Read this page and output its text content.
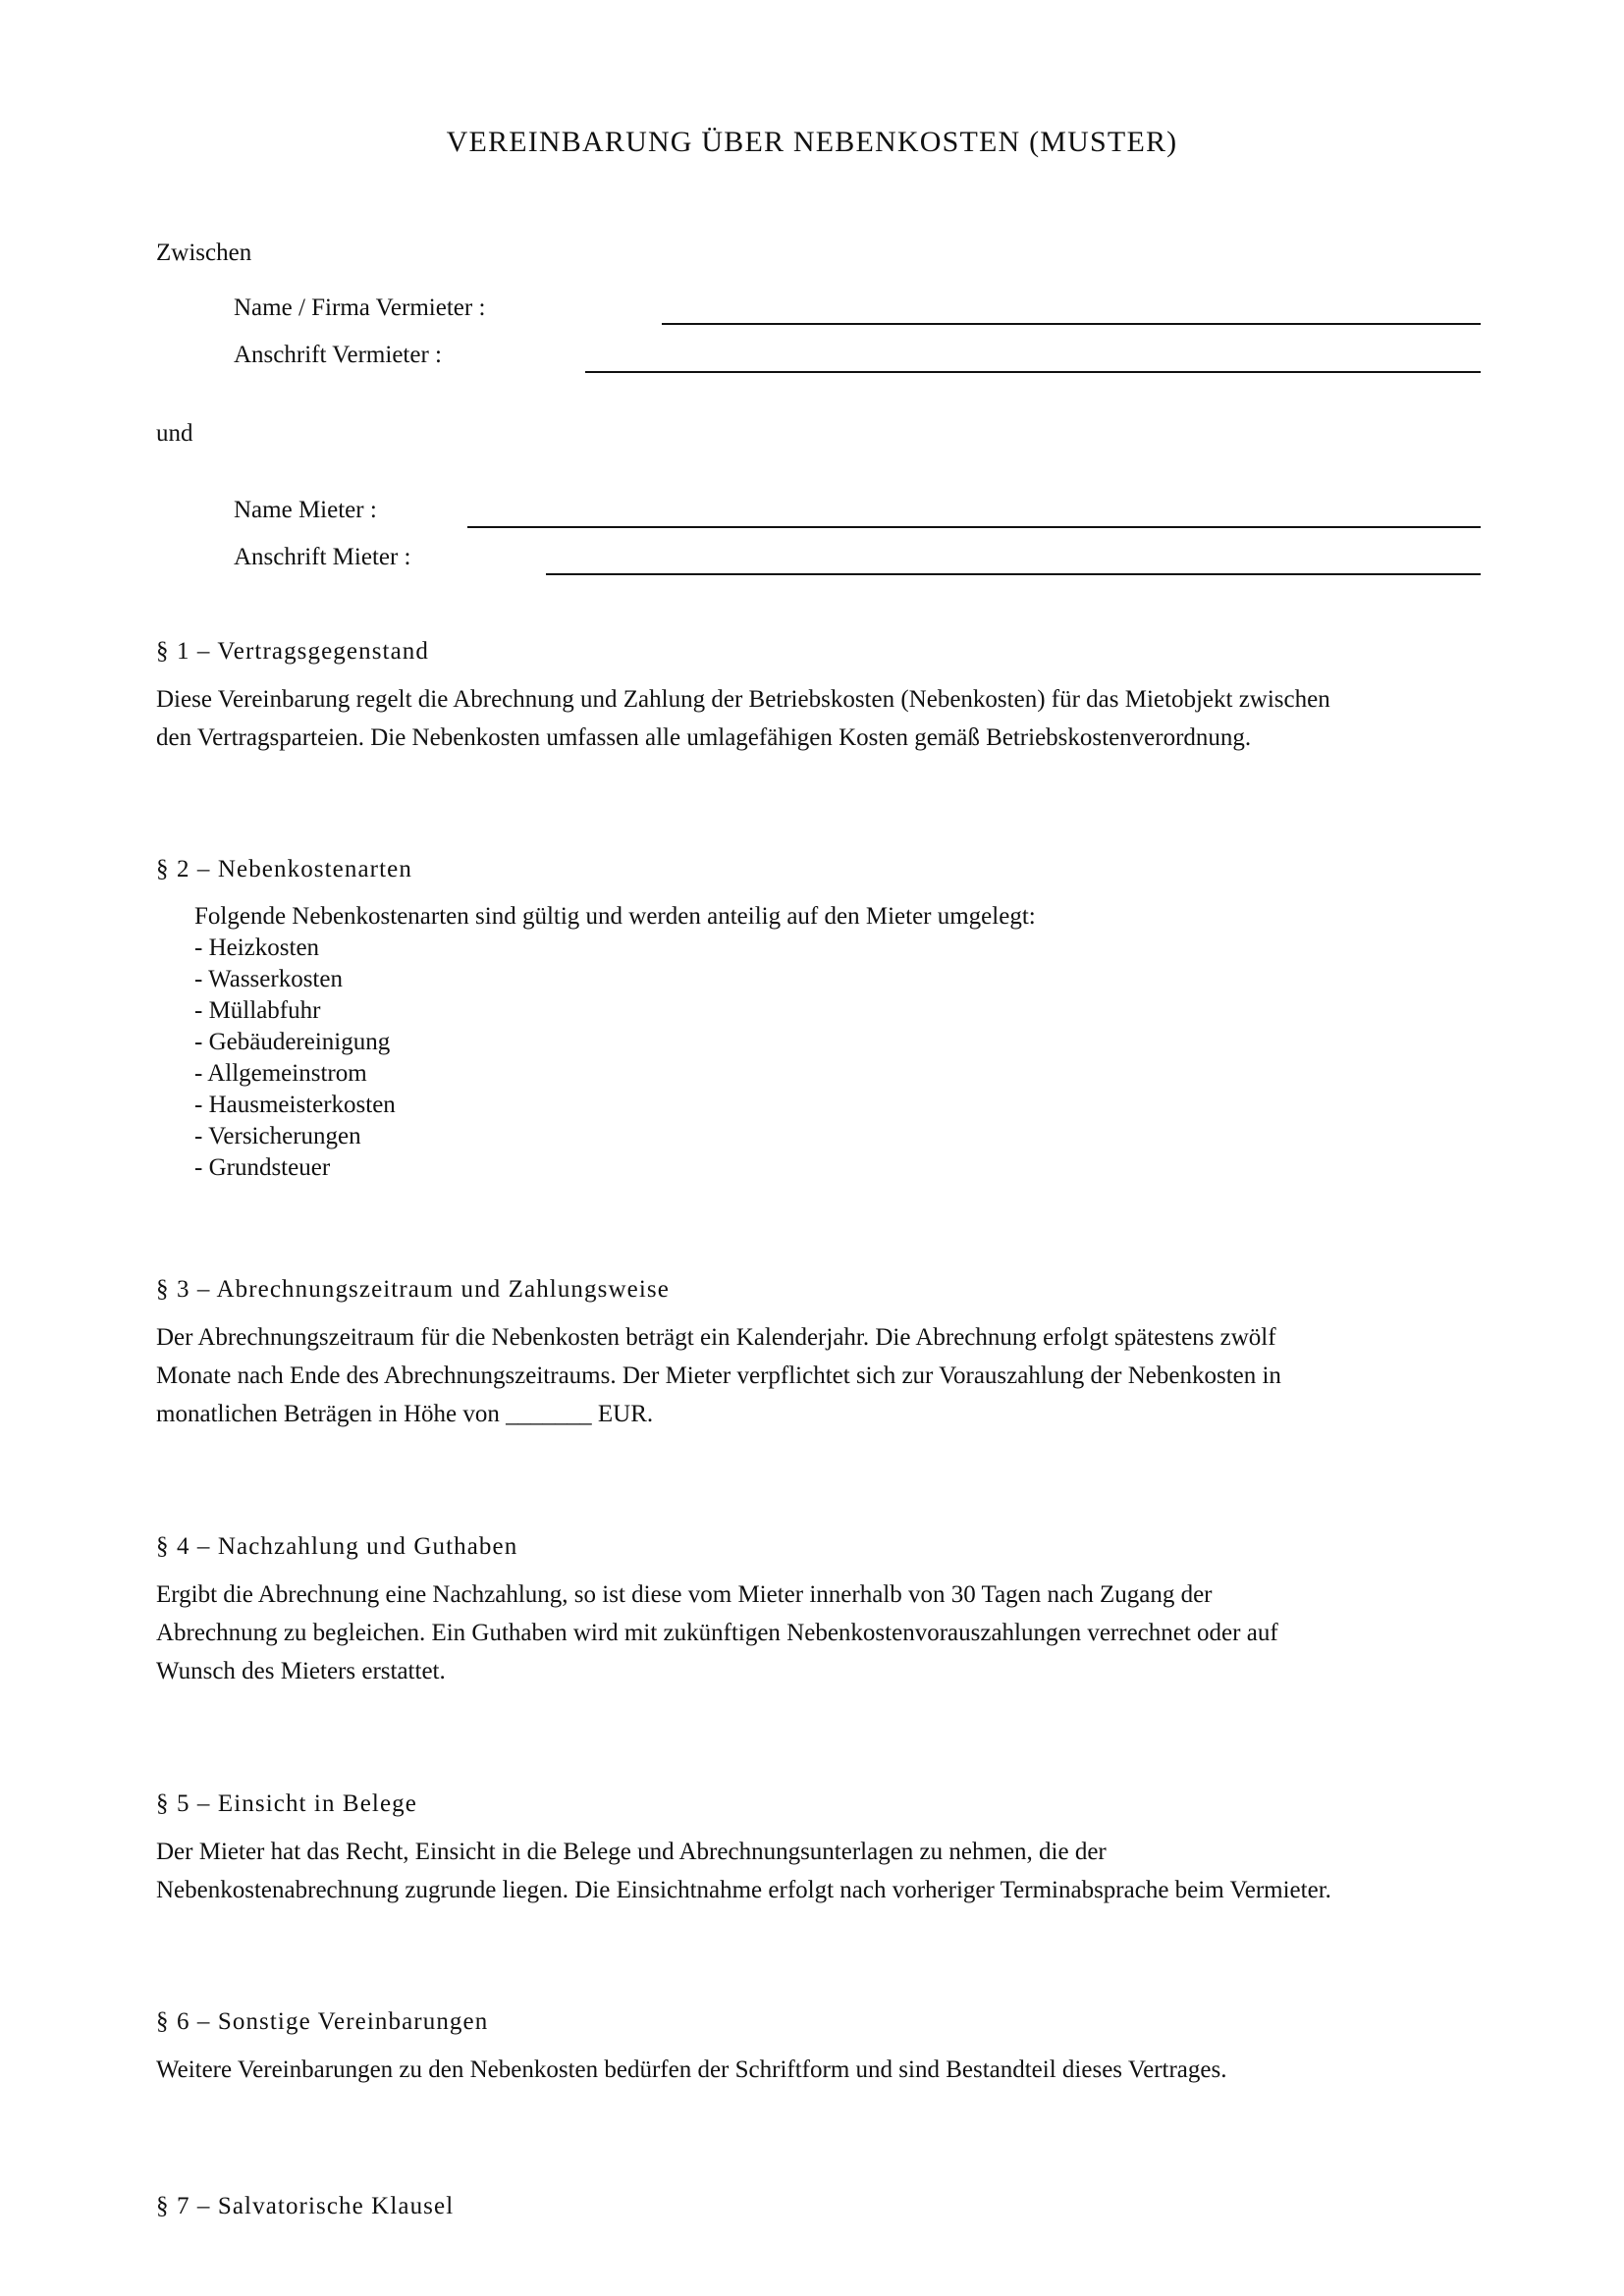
VEREINBARUNG ÜBER NEBENKOSTEN (MUSTER)
Zwischen
Name / Firma Vermieter :
Anschrift Vermieter :
und
Name Mieter :
Anschrift Mieter :
§ 1 – Vertragsgegenstand
Diese Vereinbarung regelt die Abrechnung und Zahlung der Betriebskosten (Nebenkosten) für das Mietobjekt zwischen
den Vertragsparteien. Die Nebenkosten umfassen alle umlagefähigen Kosten gemäß Betriebskostenverordnung.
§ 2 – Nebenkostenarten
Folgende Nebenkostenarten sind gültig und werden anteilig auf den Mieter umgelegt:
- Heizkosten
- Wasserkosten
- Müllabfuhr
- Gebäudereinigung
- Allgemeinstrom
- Hausmeisterkosten
- Versicherungen
- Grundsteuer
§ 3 – Abrechnungszeitraum und Zahlungsweise
Der Abrechnungszeitraum für die Nebenkosten beträgt ein Kalenderjahr. Die Abrechnung erfolgt spätestens zwölf
Monate nach Ende des Abrechnungszeitraums. Der Mieter verpflichtet sich zur Vorauszahlung der Nebenkosten in
monatlichen Beträgen in Höhe von _______ EUR.
§ 4 – Nachzahlung und Guthaben
Ergibt die Abrechnung eine Nachzahlung, so ist diese vom Mieter innerhalb von 30 Tagen nach Zugang der
Abrechnung zu begleichen. Ein Guthaben wird mit zukünftigen Nebenkostenvorauszahlungen verrechnet oder auf
Wunsch des Mieters erstattet.
§ 5 – Einsicht in Belege
Der Mieter hat das Recht, Einsicht in die Belege und Abrechnungsunterlagen zu nehmen, die der
Nebenkostenabrechnung zugrunde liegen. Die Einsichtnahme erfolgt nach vorheriger Terminabsprache beim Vermieter.
§ 6 – Sonstige Vereinbarungen
Weitere Vereinbarungen zu den Nebenkosten bedürfen der Schriftform und sind Bestandteil dieses Vertrages.
§ 7 – Salvatorische Klausel
